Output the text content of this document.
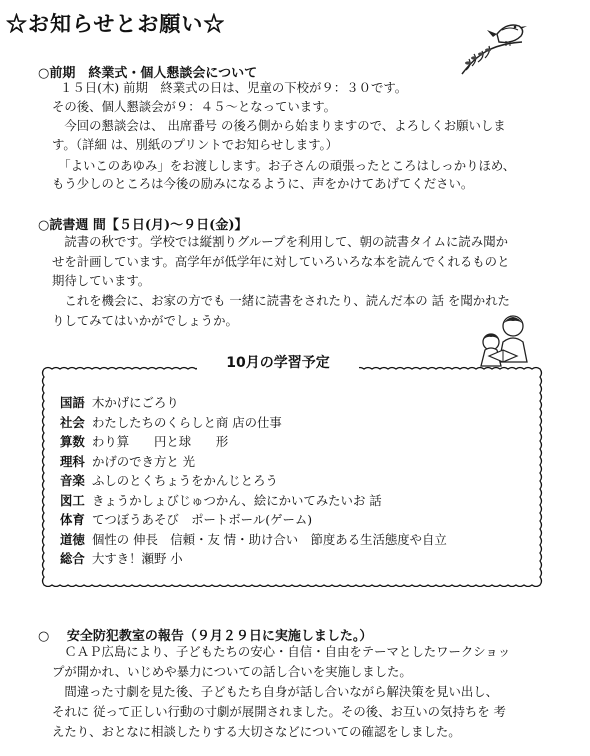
☆お知らせとお願い☆
○前期　終業式・個人懇談会について
１５日(木) 前期　終業式の日は、児童の下校が９：３０です。
その後、個人懇談会が９：４５～となっています。
　今回の懇談会は、 出席番号 の後ろ側から始まりますので、よろしくお願いしま
す。（詳細 は、別紙のプリントでお知らせします。）
　「よいこのあゆみ」をお渡しします。お子さんの頑張ったところはしっかりほめ、
もう少しのところは今後の励みになるように、声をかけてあげてください。
○読書週 間【５日(月)～９日(金)】
　読書の秋です。学校では縦割りグループを利用して、朝の読書タイムに読み聞か
せを計画しています。高学年が低学年に対していろいろな本を読んでくれるものと
期待しています。
　これを機会に、お家の方でも 一緒に読書をされたり、読んだ本の 話 を聞かれた
りしてみてはいかがでしょうか。
10月の学習予定
国語 木かげにごろり
社会 わたしたちのくらしと商 店の仕事
算数 わり算　　円と球　　形
理科 かげのでき方と 光
音楽 ふしのとくちょうをかんじとろう
図工 きょうかしょびじゅつかん、絵にかいてみたいお 話
体育 てつぼうあそび　ポートボール(ゲーム)
道徳 個性の 伸長　信頼・友 情・助け合い　節度ある生活態度や自立
総合 大すき！瀬野 小
○　 安全防犯教室の報告（９月２９日に実施しました。）
　ＣＡＰ広島により、子どもたちの安心・自信・自由をテーマとしたワークショッ
プが開かれ、いじめや暴力についての話し合いを実施しました。
　間違った寸劇を見た後、子どもたち自身が話し合いながら解決策を見い出し、
それに 従って正しい行動の寸劇が展開されました。その後、お互いの気持ちを 考
えたり、おとなに相談したりする大切さなどについての確認をしました。
